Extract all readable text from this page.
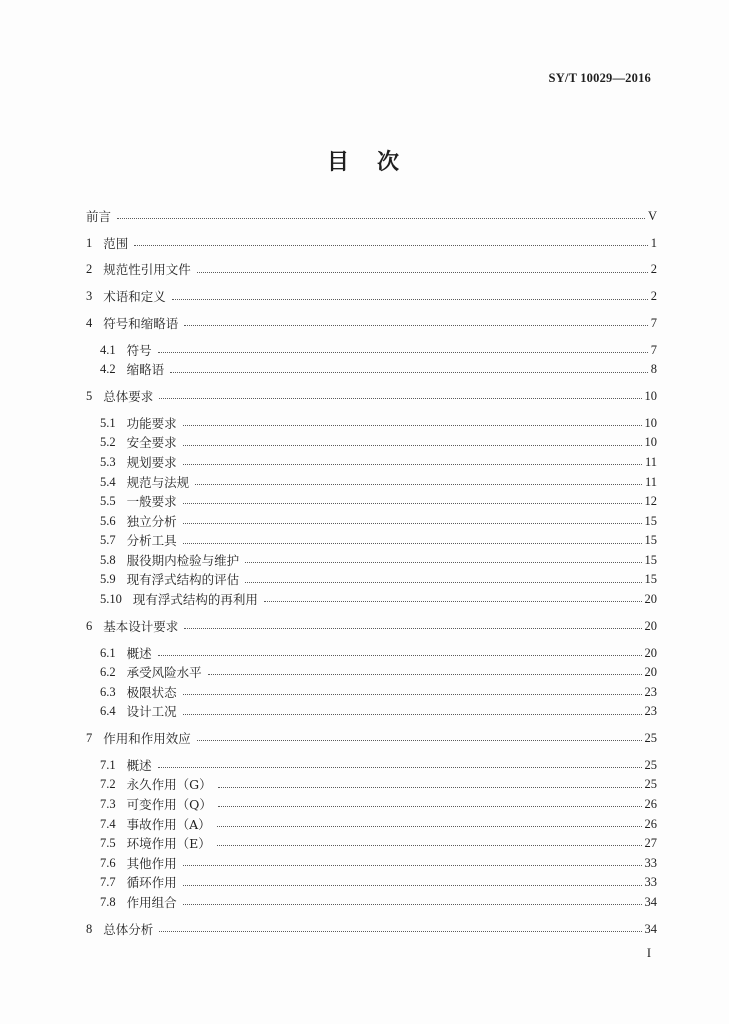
SY/T 10029—2016
目　次
前言	V
1 范围	1
2 规范性引用文件	2
3 术语和定义	2
4 符号和缩略语	7
4.1 符号	7
4.2 缩略语	8
5 总体要求	10
5.1 功能要求	10
5.2 安全要求	10
5.3 规划要求	11
5.4 规范与法规	11
5.5 一般要求	12
5.6 独立分析	15
5.7 分析工具	15
5.8 服役期内检验与维护	15
5.9 现有浮式结构的评估	15
5.10 现有浮式结构的再利用	20
6 基本设计要求	20
6.1 概述	20
6.2 承受风险水平	20
6.3 极限状态	23
6.4 设计工况	23
7 作用和作用效应	25
7.1 概述	25
7.2 永久作用（G）	25
7.3 可变作用（Q）	26
7.4 事故作用（A）	26
7.5 环境作用（E）	27
7.6 其他作用	33
7.7 循环作用	33
7.8 作用组合	34
8 总体分析	34
I
